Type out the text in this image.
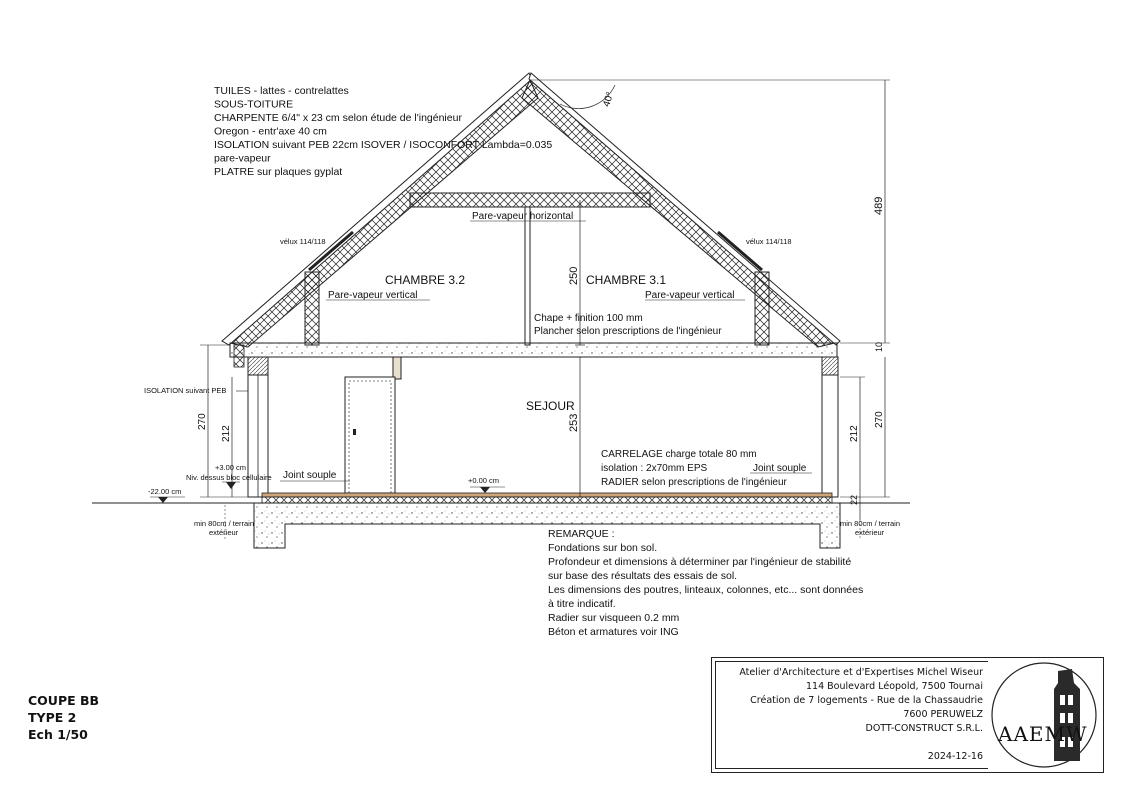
TUILES - lattes - contrelattes
SOUS-TOITURE
CHARPENTE 6/4" x 23 cm selon étude de l'ingénieur
Oregon - entr'axe 40 cm
ISOLATION suivant PEB 22cm ISOVER / ISOCONFORT Lambda=0.035
pare-vapeur
PLATRE sur plaques gyplat
40°
489
Pare-vapeur horizontal
vélux 114/118	vélux 114/118
CHAMBRE 3.2	CHAMBRE 3.1
Pare-vapeur vertical	Pare-vapeur vertical
250
Chape + finition 100 mm
Plancher selon prescriptions de l'ingénieur
ISOLATION suivant PEB
270
212
SEJOUR
253
+3.00 cm
Niv. dessus bloc cellulaire Joint souple
-22.00 cm
+0.00 cm
CARRELAGE charge totale 80 mm
isolation : 2x70mm EPS
RADIER selon prescriptions de l'ingénieur
Joint souple
212
270
22
10
min 80cm / terrain
extérieur
min 80cm / terrain
extérieur
REMARQUE :
Fondations sur bon sol.
Profondeur et dimensions à déterminer par l'ingénieur de stabilité
sur base des résultats des essais de sol.
Les dimensions des poutres, linteaux, colonnes, etc... sont données
à titre indicatif.
Radier sur visqueen 0.2 mm
Béton et armatures voir ING
COUPE BB
TYPE 2
Ech 1/50
Atelier d'Architecture et d'Expertises Michel Wiseur
114 Boulevard Léopold, 7500 Tournai
Création de 7 logements - Rue de la Chassaudrie
7600 PERUWELZ
DOTT-CONSTRUCT S.R.L.
2024-12-16
AAEMW
